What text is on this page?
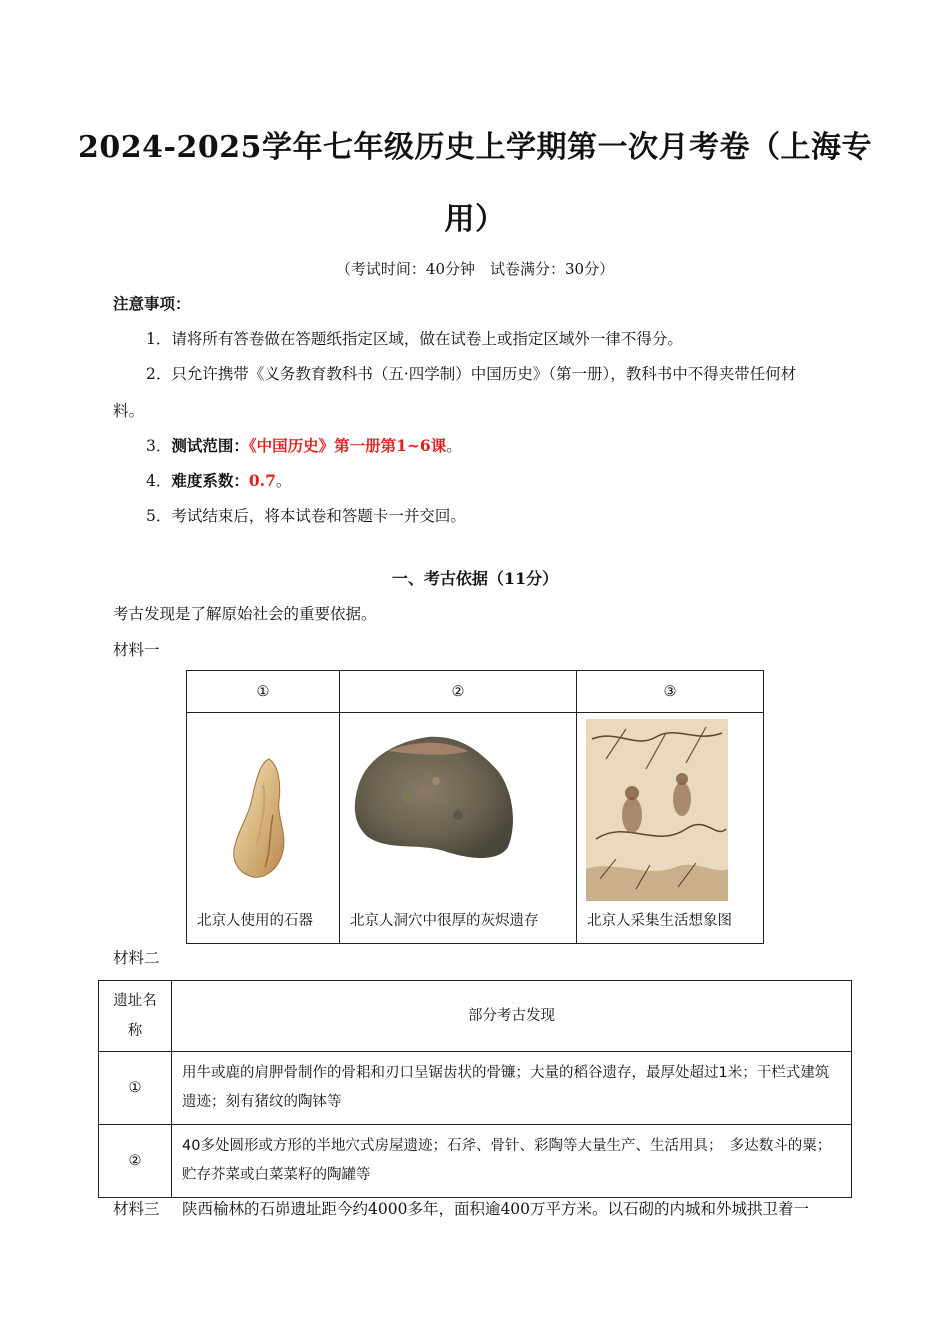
2024-2025学年七年级历史上学期第一次月考卷（上海专
用）
（考试时间：40分钟　试卷满分：30分）
注意事项：
1．请将所有答卷做在答题纸指定区域，做在试卷上或指定区域外一律不得分。
2．只允许携带《义务教育教科书（五·四学制）中国历史》（第一册），教科书中不得夹带任何材
料。
3．测试范围：《中国历史》第一册第1~6课。
4．难度系数：0.7。
5．考试结束后，将本试卷和答题卡一并交回。
一、考古依据（11分）
考古发现是了解原始社会的重要依据。
材料一
①	②	③

北京人使用的石器	北京人洞穴中很厚的灰烬遗存	北京人采集生活想象图
材料二
遗址名称	部分考古发现
①	用牛或鹿的肩胛骨制作的骨耜和刃口呈锯齿状的骨镰；大量的稻谷遗存，最厚处超过1米；干栏式建筑遗迹；刻有猪纹的陶钵等
②	40多处圆形或方形的半地穴式房屋遗迹；石斧、骨针、彩陶等大量生产、生活用具；　多达数斗的粟；贮存芥菜或白菜菜籽的陶罐等
材料三 陕西榆林的石峁遗址距今约4000多年，面积逾400万平方米。以石砌的内城和外城拱卫着一
